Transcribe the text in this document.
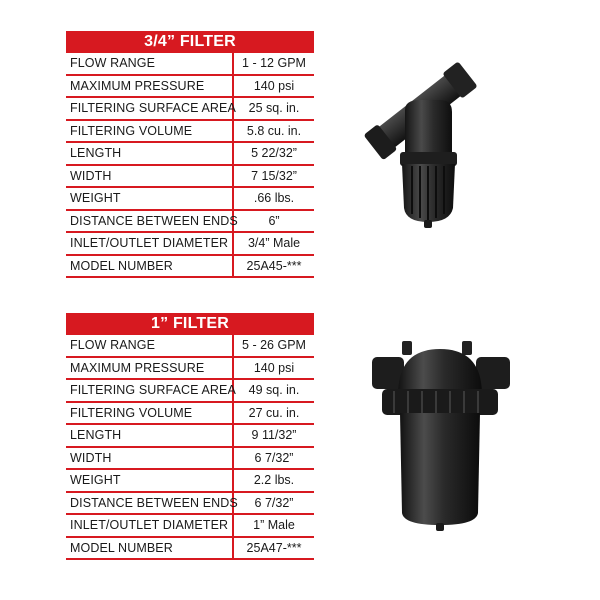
3/4” FILTER
FLOW RANGE	1 - 12 GPM
MAXIMUM PRESSURE	140 psi
FILTERING SURFACE AREA	25 sq. in.
FILTERING VOLUME	5.8 cu. in.
LENGTH	5 22/32”
WIDTH	7 15/32”
WEIGHT	.66 lbs.
DISTANCE BETWEEN ENDS	6”
INLET/OUTLET DIAMETER	3/4” Male
MODEL NUMBER	25A45-***
1” FILTER
FLOW RANGE	5 - 26 GPM
MAXIMUM PRESSURE	140 psi
FILTERING SURFACE AREA	49 sq. in.
FILTERING VOLUME	27 cu. in.
LENGTH	9 11/32”
WIDTH	6 7/32”
WEIGHT	2.2 lbs.
DISTANCE BETWEEN ENDS	6 7/32”
INLET/OUTLET DIAMETER	1” Male
MODEL NUMBER	25A47-***
